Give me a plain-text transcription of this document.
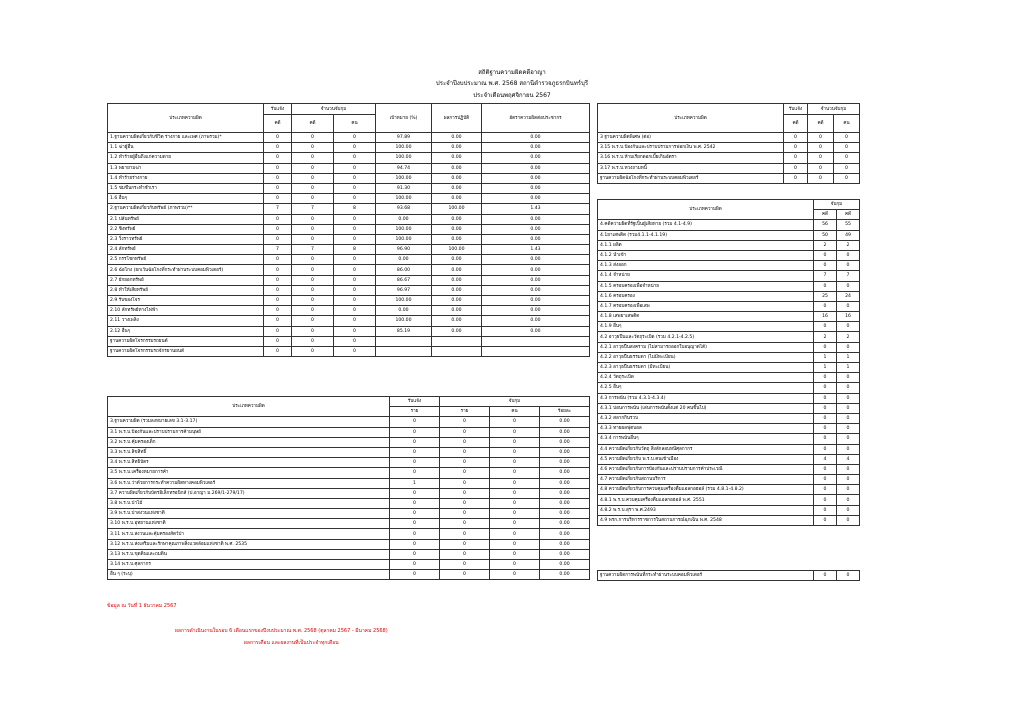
สถิติฐานความผิดคดีอาญา
ประจำปีงบประมาณ พ.ศ. 2568 สถานีตำรวจภูธรกบินทร์บุรี
ประจำเดือนพฤศจิกายน 2567
ประเภทความผิด	รับแจ้ง	จำนวนจับกุม		เป้าหมาย (%)	ผลการปฏิบัติ	อัตราความผิดต่อประชากร
	คดี	คดี	คน			
1.ฐานความผิดเกี่ยวกับชีวิต ร่างกาย และเพศ (ภาพรวม)*	0	0	0	97.89	0.00	0.00
1.1 ฆ่าผู้อื่น	0	0	0	100.00	0.00	0.00
1.2 ทำร้ายผู้อื่นถึงแก่ความตาย	0	0	0	100.00	0.00	0.00
1.3 พยายามฆ่า	0	0	0	94.74	0.00	0.00
1.4 ทำร้ายร่างกาย	0	0	0	100.00	0.00	0.00
1.5 ข่มขืนกระทำชำเรา	0	0	0	91.30	0.00	0.00
1.6 อื่นๆ	0	0	0	100.00	0.00	0.00
2.ฐานความผิดเกี่ยวกับทรัพย์ (ภาพรวม)**	7	7	8	93.68	100.00	1.43
2.1 ปล้นทรัพย์	0	0	0	0.00	0.00	0.00
2.2 ชิงทรัพย์	0	0	0	100.00	0.00	0.00
2.3 วิ่งราวทรัพย์	0	0	0	100.00	0.00	0.00
2.4 ลักทรัพย์	7	7	8	96.90	100.00	1.43
2.5 กรรโชกทรัพย์	0	0	0	0.00	0.00	0.00
2.6 ฉ้อโกง (ยกเว้นฉ้อโกงที่กระทำผ่านระบบคอมพิวเตอร์)	0	0	0	86.00	0.00	0.00
2.7 ยักยอกทรัพย์	0	0	0	86.67	0.00	0.00
2.8 ทำให้เสียทรัพย์	0	0	0	96.97	0.00	0.00
2.9 รับของโจร	0	0	0	100.00	0.00	0.00
2.10 ลักทรัพย์ทางไฟฟ้า	0	0	0	0.00	0.00	0.00
2.11 วางเพลิง	0	0	0	100.00	0.00	0.00
2.12 อื่นๆ	0	0	0	85.19	0.00	0.00
ฐานความผิดโจรกรรมรถยนต์	0	0	0			
ฐานความผิดโจรกรรมรถจักรยานยนต์	0	0	0			
ประเภทความผิด	รับแจ้ง	จับกุม		
	ราย	ราย	คน	ร้อยละ
3.ฐานความผิด (รวมลงหมายเลข 3.1-3.17)	0	0	0	0.00
3.1 พ.ร.บ.ป้องกันและปราบปรามการค้ามนุษย์	0	0	0	0.00
3.2 พ.ร.บ.คุ้มครองเด็ก	0	0	0	0.00
3.3 พ.ร.บ.ลิขสิทธิ์	0	0	0	0.00
3.4 พ.ร.บ.สิทธิบัตร	0	0	0	0.00
3.5 พ.ร.บ.เครื่องหมายการค้า	0	0	0	0.00
3.6 พ.ร.บ.ว่าด้วยการกระทำความผิดทางคอมพิวเตอร์	1	0	0	0.00
3.7 ความผิดเกี่ยวกับบัตรอิเล็กทรอนิกส์ (ป.อาญา ม.269/1-279/17)	0	0	0	0.00
3.8 พ.ร.บ.ป่าไม้	0	0	0	0.00
3.9 พ.ร.บ.ป่าสงวนแห่งชาติ	0	0	0	0.00
3.10 พ.ร.บ.อุทยานแห่งชาติ	0	0	0	0.00
3.11 พ.ร.บ.สงวนและคุ้มครองสัตว์ป่า	0	0	0	0.00
3.12 พ.ร.บ.ส่งเสริมและรักษาคุณภาพสิ่งแวดล้อมแห่งชาติ พ.ศ. 2535	0	0	0	0.00
3.13 พ.ร.บ.ขุดดินและถมดิน	0	0	0	0.00
3.14 พ.ร.บ.ศุลกากร	0	0	0	0.00
อื่น ๆ (ระบุ)	0	0	0	0.00
ประเภทความผิด	รับแจ้ง	จำนวนจับกุม	
	คดี	คดี	คน
3 ฐานความผิดพิเศษ (ต่อ)	0	0	0
3.15 พ.ร.บ.ป้องกันและปราบปรามการฟอกเงิน พ.ศ. 2542	0	0	0
3.16 พ.ร.บ.ห้ามเรียกดอกเบี้ยเกินอัตรา	0	0	0
3.17 พ.ร.บ.ทวงถามหนี้	0	0	0
ฐานความผิดฉ้อโกงที่กระทำผ่านระบบคอมพิวเตอร์	0	0	0
ประเภทความผิด	จับกุม	
	คดี	คดี
4.คดีความผิดที่รัฐเป็นผู้เสียหาย (รวม 4.1-4.9)	56	55
4.1ยาเสพติด (รวม4.1.1-4.1.19)	50	49
4.1.1 ผลิต	2	2
4.1.2 นำเข้า	0	0
4.1.3 ส่งออก	0	0
4.1.4 จำหน่าย	7	7
4.1.5 ครอบครองเพื่อจำหน่าย	0	0
4.1.6 ครอบครอง	25	24
4.1.7 ครอบครองเพื่อเสพ	0	0
4.1.8 เสพยาเสพติด	16	16
4.1.9 อื่นๆ	0	0
4.2 อาวุธปืนและวัตถุระเบิด (รวม 4.2.1-4.2.5)	2	2
4.2.1 อาวุธปืนสงคราม (ไม่สามารถออกใบอนุญาตได้)	0	0
4.2.2 อาวุธปืนธรรมดา (ไม่มีทะเบียน)	1	1
4.2.3 อาวุธปืนธรรมดา (มีทะเบียน)	1	1
4.2.4 วัตถุระเบิด	0	0
4.2.5 อื่นๆ	0	0
4.3 การพนัน (รวม 4.3.1-4.3.4)	0	0
4.3.1 บ่อนการพนัน (เล่นการพนันตั้งแต่ 20 คนขึ้นไป)	0	0
4.3.2 สลากกินรวบ	0	0
4.3.3 ทายผลฟุตบอล	0	0
4.3.4 การพนันอื่นๆ	0	0
4.4 ความผิดเกี่ยวกับวัตถุ สิ่งลักลอบหนีศุลกากร	0	0
4.5 ความผิดเกี่ยวกับ พ.ร.บ.คนเข้าเมือง	4	4
4.6 ความผิดเกี่ยวกับการป้องกันและปราบปรามการค้าประเวณี	0	0
4.7 ความผิดเกี่ยวกับสถานบริการ	0	0
4.8 ความผิดเกี่ยวกับการควบคุมเครื่องดื่มแอลกอฮอล์ (รวม 4.8.1-4.8.2)	0	0
4.8.1 พ.ร.บ.ควบคุมเครื่องดื่มแอลกอฮอล์ พ.ศ. 2551	0	0
4.8.2 พ.ร.บ.สุรา พ.ศ.2493	0	0
4.9 พรก.การบริหารราชการในสถานการณ์ฉุกเฉิน พ.ศ. 2548	0	0
ฐานความผิดการพนันที่กระทำผ่านระบบคอมพิวเตอร์	0	0
ข้อมูล ณ วันที่ 1 ธันวาคม 2567
ผลการดำเนินงานในรอบ 6 เดือนแรกของปีงบประมาณ พ.ศ. 2568 (ตุลาคม 2567 - มีนาคม 2568)
ผลการเดือน และผลงานที่เป็นประจำทุกเดือน
